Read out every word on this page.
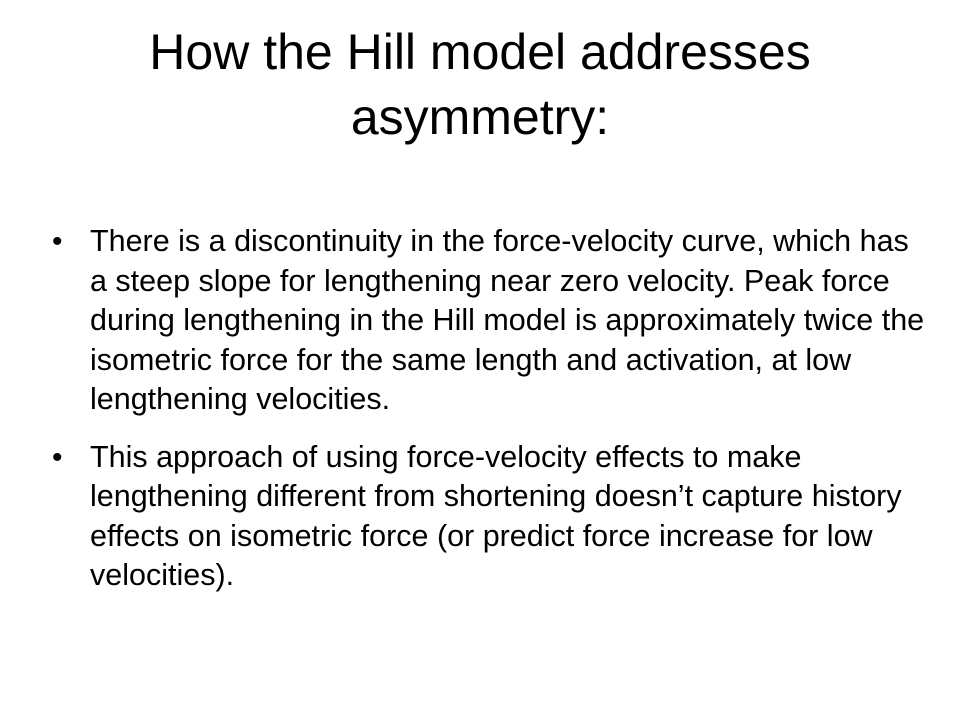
How the Hill model addresses asymmetry:
• There is a discontinuity in the force-velocity curve, which has a steep slope for lengthening near zero velocity. Peak force during lengthening in the Hill model is approximately twice the isometric force for the same length and activation, at low lengthening velocities.
• This approach of using force-velocity effects to make lengthening different from shortening doesn’t capture history effects on isometric force (or predict force increase for low velocities).
